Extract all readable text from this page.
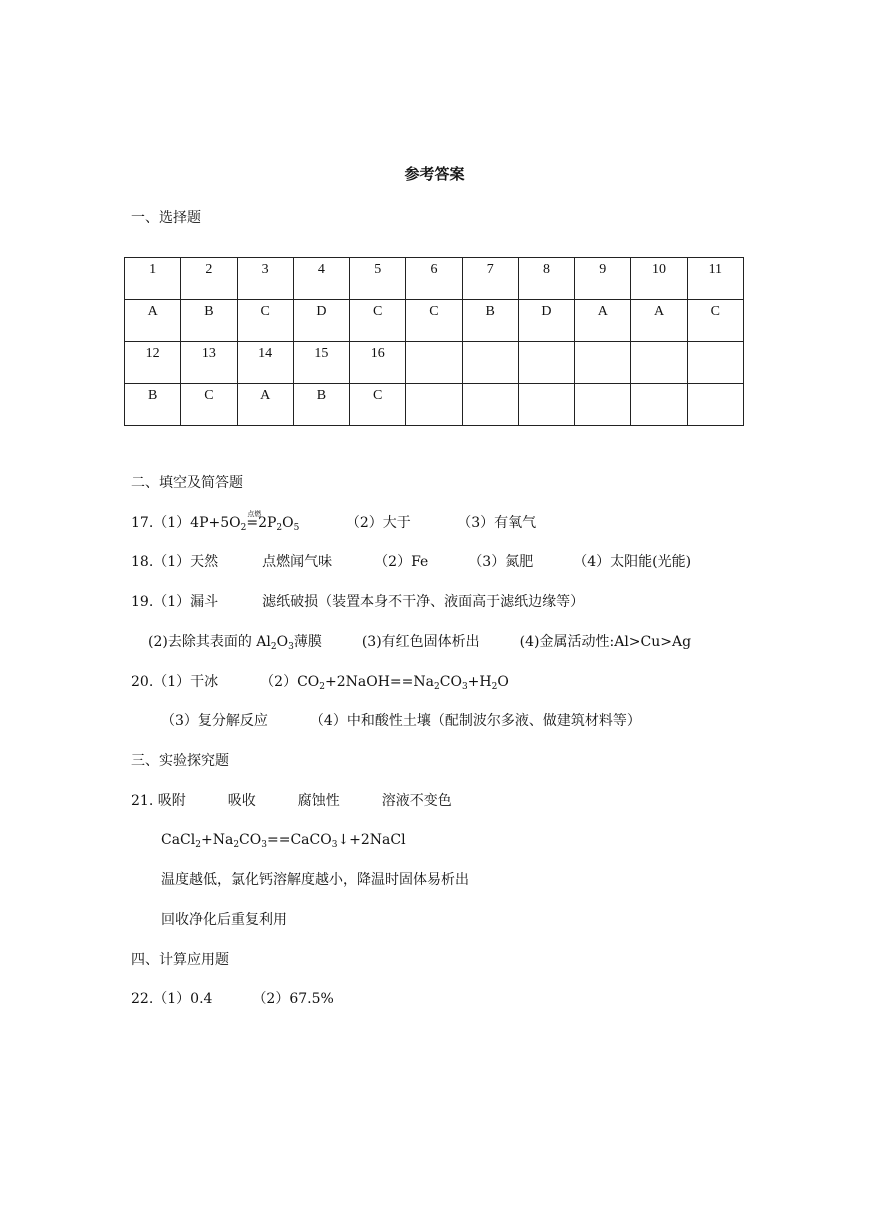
参考答案
一、选择题
1	2	3	4	5	6	7	8	9	10	11
A	B	C	D	C	C	B	D	A	A	C
12	13	14	15	16						
B	C	A	B	C						
二、填空及简答题
$17.(1)4P+5O_2$
点燃
$=2P_2O_5$	（2）大于	（3）有氧气
18.（1）天然	点燃闻气味	（2）Fe	（3）氮肥	（4）太阳能(光能)
19.（1）漏斗	滤纸破损（装置本身不干净、液面高于滤纸边缘等）
(2)去除其表面的 $Al_2O_3$薄膜	(3)有红色固体析出	(4)金属活动性:Al>Cu>Ag
20.（1）干冰	$(2)CO_2+2NaOH==Na_2CO_3+H_2O$
（3）复分解反应	（4）中和酸性土壤（配制波尔多液、做建筑材料等）
三、实验探究题
21. 吸附	吸收	腐蚀性	溶液不变色
$CaCl_2+Na_2CO_3==CaCO_3↓+2NaCl$
温度越低，氯化钙溶解度越小，降温时固体易析出
回收净化后重复利用
四、计算应用题
22.（1）0.4	（2）67.5%
